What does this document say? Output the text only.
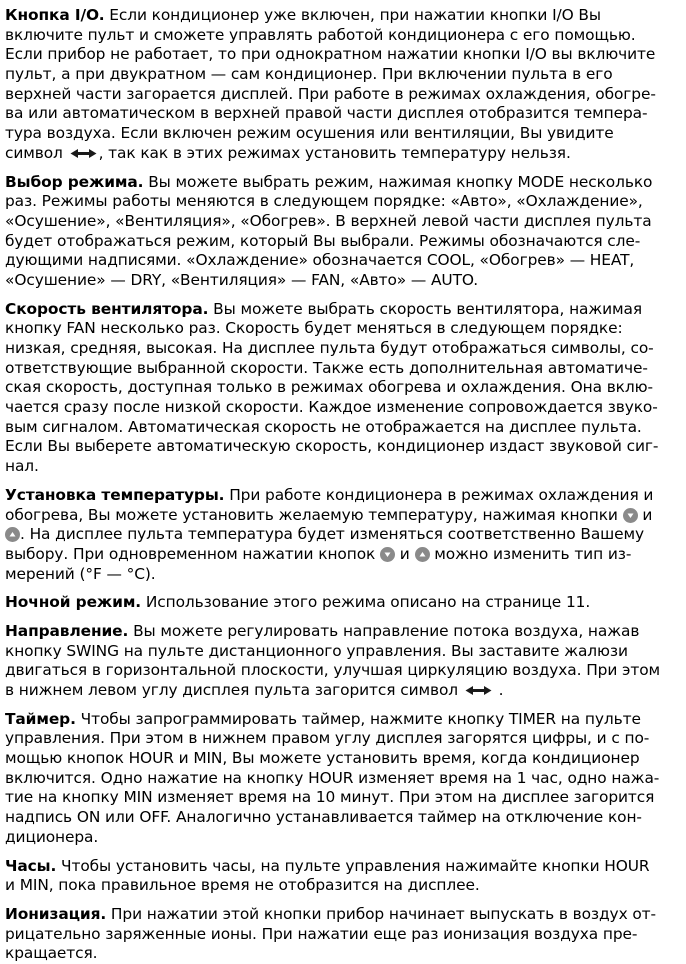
Кнопка I/O. Если кондиционер уже включен, при нажатии кнопки I/O Вы
включите пульт и сможете управлять работой кондиционера с его помощью.
Если прибор не работает, то при однократном нажатии кнопки I/O вы включите
пульт, а при двукратном — сам кондиционер. При включении пульта в его
верхней части загорается дисплей. При работе в режимах охлаждения, обогре-
ва или автоматическом в верхней правой части дисплея отобразится темпера-
тура воздуха. Если включен режим осушения или вентиляции, Вы увидите
символ , так как в этих режимах установить температуру нельзя.
Выбор режима. Вы можете выбрать режим, нажимая кнопку MODE несколько
раз. Режимы работы меняются в следующем порядке: «Авто», «Охлаждение»,
«Осушение», «Вентиляция», «Обогрев». В верхней левой части дисплея пульта
будет отображаться режим, который Вы выбрали. Режимы обозначаются сле-
дующими надписями. «Охлаждение» обозначается COOL, «Обогрев» — HEAT,
«Осушение» — DRY, «Вентиляция» — FAN, «Авто» — AUTO.
Скорость вентилятора. Вы можете выбрать скорость вентилятора, нажимая
кнопку FAN несколько раз. Скорость будет меняться в следующем порядке:
низкая, средняя, высокая. На дисплее пульта будут отображаться символы, со-
ответствующие выбранной скорости. Также есть дополнительная автоматиче-
ская скорость, доступная только в режимах обогрева и охлаждения. Она вклю-
чается сразу после низкой скорости. Каждое изменение сопровождается звуко-
вым сигналом. Автоматическая скорость не отображается на дисплее пульта.
Если Вы выберете автоматическую скорость, кондиционер издаст звуковой сиг-
нал.
Установка температуры. При работе кондиционера в режимах охлаждения и
обогрева, Вы можете установить желаемую температуру, нажимая кнопки
и
. На дисплее пульта температура будет изменяться соответственно Вашему
выбору. При одновременном нажатии кнопок
и
можно изменить тип из-
мерений (°F — °C).
Ночной режим. Использование этого режима описано на странице 11.
Направление. Вы можете регулировать направление потока воздуха, нажав
кнопку SWING на пульте дистанционного управления. Вы заставите жалюзи
двигаться в горизонтальной плоскости, улучшая циркуляцию воздуха. При этом
в нижнем левом углу дисплея пульта загорится символ  .
Таймер. Чтобы запрограммировать таймер, нажмите кнопку TIMER на пульте
управления. При этом в нижнем правом углу дисплея загорятся цифры, и с по-
мощью кнопок HOUR и MIN, Вы можете установить время, когда кондиционер
включится. Одно нажатие на кнопку HOUR изменяет время на 1 час, одно нажа-
тие на кнопку MIN изменяет время на 10 минут. При этом на дисплее загорится
надпись ON или OFF. Аналогично устанавливается таймер на отключение кон-
диционера.
Часы. Чтобы установить часы, на пульте управления нажимайте кнопки HOUR
и MIN, пока правильное время не отобразится на дисплее.
Ионизация. При нажатии этой кнопки прибор начинает выпускать в воздух от-
рицательно заряженные ионы. При нажатии еще раз ионизация воздуха пре-
кращается.
